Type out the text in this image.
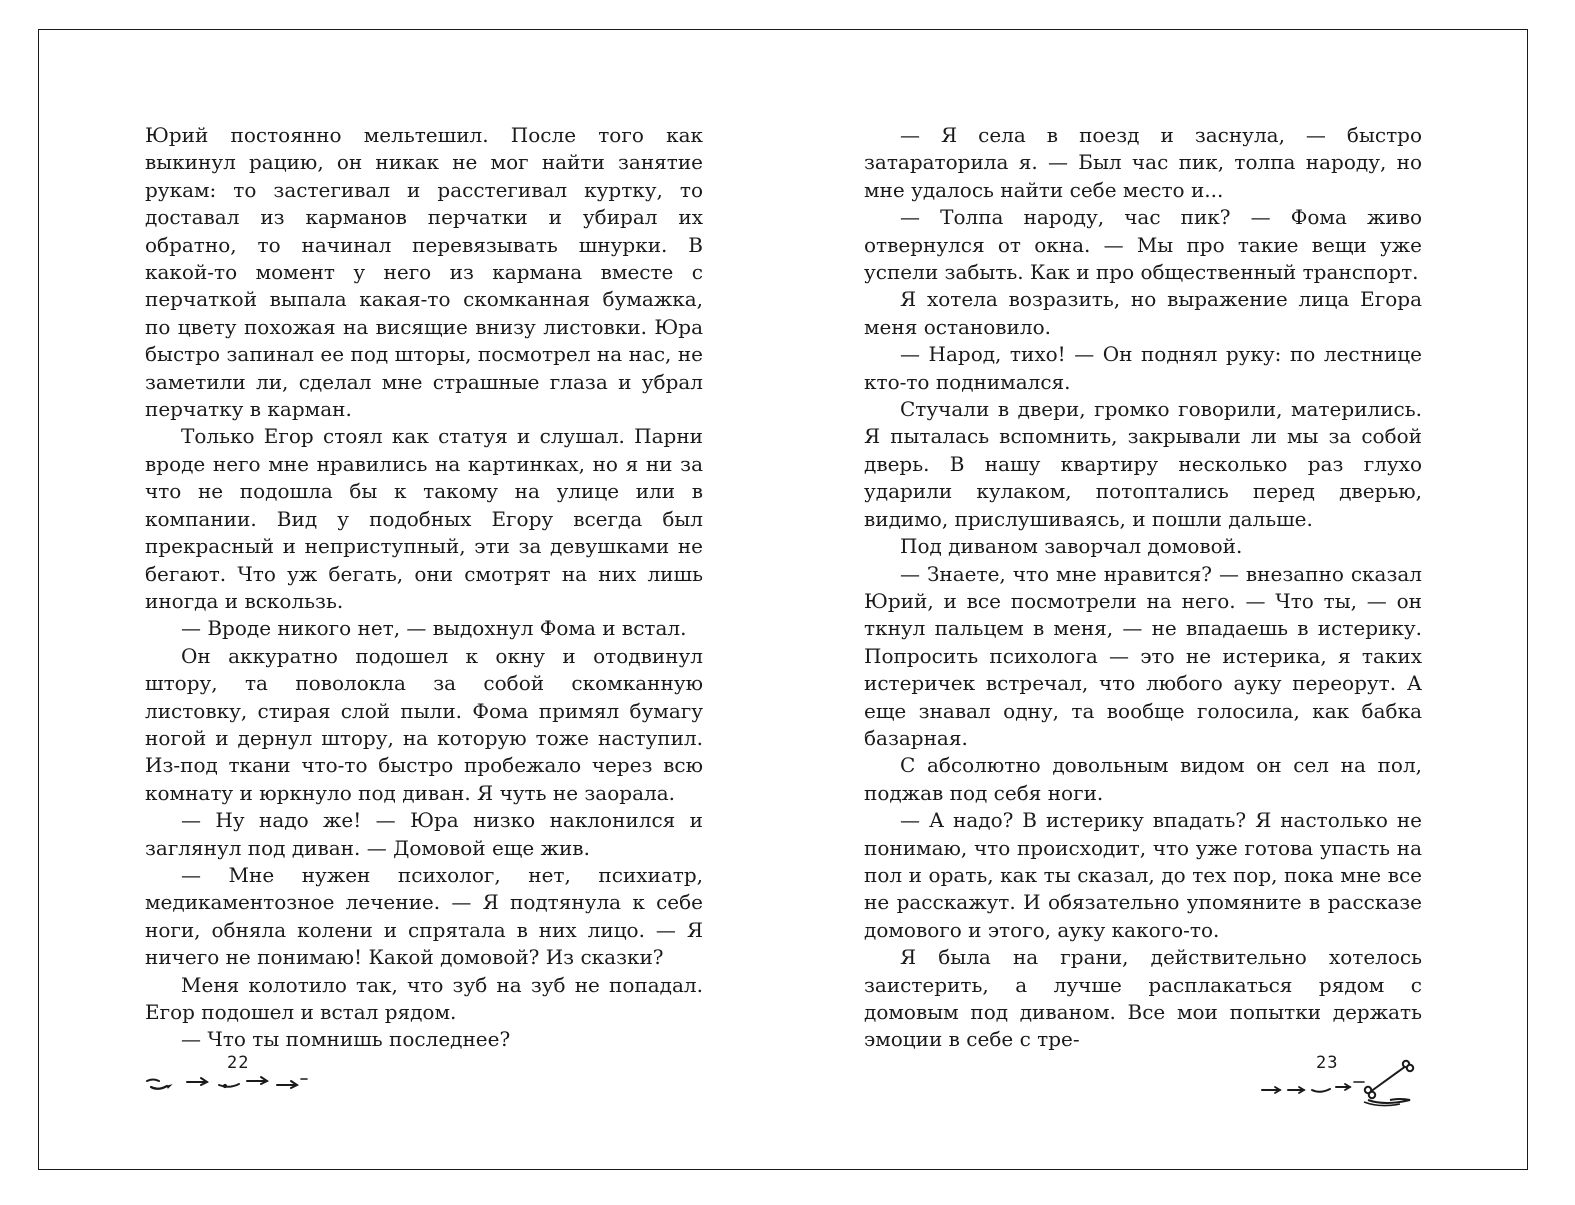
Юрий постоянно мельтешил. После того как выкинул рацию, он никак не мог найти занятие рукам: то застегивал и расстегивал куртку, то доставал из карманов перчатки и убирал их обратно, то начинал перевязывать шнурки. В какой-то момент у него из кармана вместе с перчаткой выпала какая-то скомканная бумажка, по цвету похожая на висящие внизу листовки. Юра быстро запинал ее под шторы, посмотрел на нас, не заметили ли, сделал мне страшные глаза и убрал перчатку в карман.

Только Егор стоял как статуя и слушал. Парни вроде него мне нравились на картинках, но я ни за что не подошла бы к такому на улице или в компании. Вид у подобных Егору всегда был прекрасный и неприступный, эти за девушками не бегают. Что уж бегать, они смотрят на них лишь иногда и вскользь.

— Вроде никого нет, — выдохнул Фома и встал.

Он аккуратно подошел к окну и отодвинул штору, та поволокла за собой скомканную листовку, стирая слой пыли. Фома примял бумагу ногой и дернул штору, на которую тоже наступил. Из-под ткани что-то быстро пробежало через всю комнату и юркнуло под диван. Я чуть не заорала.

— Ну надо же! — Юра низко наклонился и заглянул под диван. — Домовой еще жив.

— Мне нужен психолог, нет, психиатр, медикаментозное лечение. — Я подтянула к себе ноги, обняла колени и спрятала в них лицо. — Я ничего не понимаю! Какой домовой? Из сказки?

Меня колотило так, что зуб на зуб не попадал. Егор подошел и встал рядом.

— Что ты помнишь последнее?

— Я села в поезд и заснула, — быстро затараторила я. — Был час пик, толпа народу, но мне удалось найти себе место и...

— Толпа народу, час пик? — Фома живо отвернулся от окна. — Мы про такие вещи уже успели забыть. Как и про общественный транспорт.

Я хотела возразить, но выражение лица Егора меня остановило.

— Народ, тихо! — Он поднял руку: по лестнице кто-то поднимался.

Стучали в двери, громко говорили, матерились. Я пыталась вспомнить, закрывали ли мы за собой дверь. В нашу квартиру несколько раз глухо ударили кулаком, потоптались перед дверью, видимо, прислушиваясь, и пошли дальше.

Под диваном заворчал домовой.

— Знаете, что мне нравится? — внезапно сказал Юрий, и все посмотрели на него. — Что ты, — он ткнул пальцем в меня, — не впадаешь в истерику. Попросить психолога — это не истерика, я таких истеричек встречал, что любого ауку переорут. А еще знавал одну, та вообще голосила, как бабка базарная.

С абсолютно довольным видом он сел на пол, поджав под себя ноги.

— А надо? В истерику впадать? Я настолько не понимаю, что происходит, что уже готова упасть на пол и орать, как ты сказал, до тех пор, пока мне все не расскажут. И обязательно упомяните в рассказе домового и этого, ауку какого-то.

Я была на грани, действительно хотелось заистерить, а лучше расплакаться рядом с домовым под диваном. Все мои попытки держать эмоции в себе с тре-

22	23
